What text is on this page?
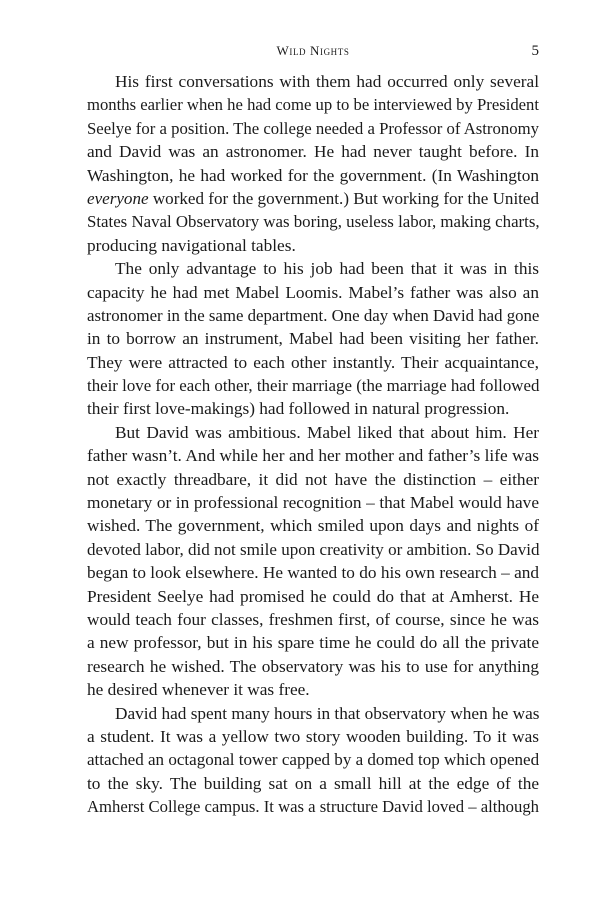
Wild Nights	5

His first conversations with them had occurred only several
months earlier when he had come up to be interviewed by President
Seelye for a position. The college needed a Professor of Astronomy
and David was an astronomer. He had never taught before. In
Washington, he had worked for the government. (In Washington
everyone worked for the government.) But working for the United
States Naval Observatory was boring, useless labor, making charts,
producing navigational tables.

The only advantage to his job had been that it was in this
capacity he had met Mabel Loomis. Mabel’s father was also an
astronomer in the same department. One day when David had gone
in to borrow an instrument, Mabel had been visiting her father.
They were attracted to each other instantly. Their acquaintance,
their love for each other, their marriage (the marriage had followed
their first love-makings) had followed in natural progression.

But David was ambitious. Mabel liked that about him. Her
father wasn’t. And while her and her mother and father’s life was
not exactly threadbare, it did not have the distinction – either
monetary or in professional recognition – that Mabel would have
wished. The government, which smiled upon days and nights of
devoted labor, did not smile upon creativity or ambition. So David
began to look elsewhere. He wanted to do his own research – and
President Seelye had promised he could do that at Amherst. He
would teach four classes, freshmen first, of course, since he was
a new professor, but in his spare time he could do all the private
research he wished. The observatory was his to use for anything
he desired whenever it was free.

David had spent many hours in that observatory when he was
a student. It was a yellow two story wooden building. To it was
attached an octagonal tower capped by a domed top which opened
to the sky. The building sat on a small hill at the edge of the
Amherst College campus. It was a structure David loved – although
